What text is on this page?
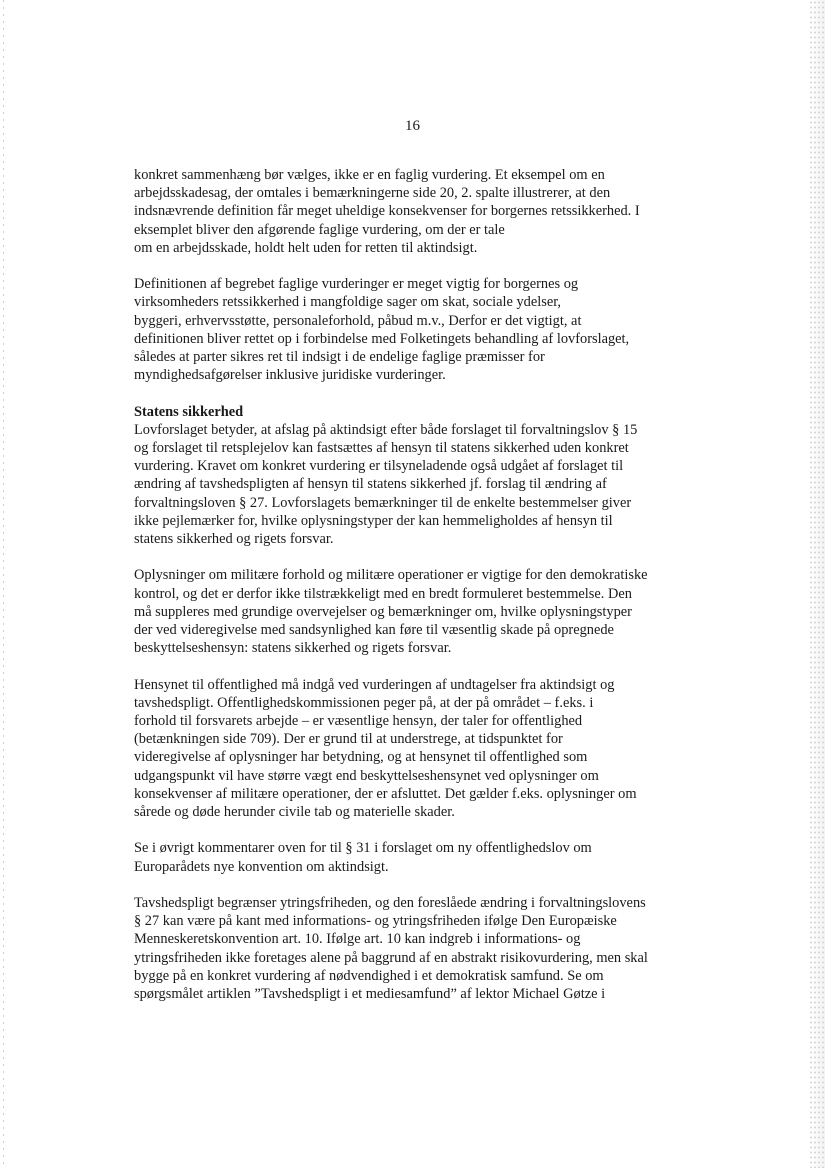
16
konkret sammenhæng bør vælges, ikke er en faglig vurdering. Et eksempel om en
arbejdsskadesag, der omtales i bemærkningerne side 20, 2. spalte illustrerer, at den
indsnævrende definition får meget uheldige konsekvenser for borgernes retssikkerhed. I
eksemplet bliver den afgørende faglige vurdering, om der er tale
om en arbejdsskade, holdt helt uden for retten til aktindsigt.
Definitionen af begrebet faglige vurderinger er meget vigtig for borgernes og
virksomheders retssikkerhed i mangfoldige sager om skat, sociale ydelser,
byggeri, erhvervsstøtte, personaleforhold, påbud m.v., Derfor er det vigtigt, at
definitionen bliver rettet op i forbindelse med Folketingets behandling af lovforslaget,
således at parter sikres ret til indsigt i de endelige faglige præmisser for
myndighedsafgørelser inklusive juridiske vurderinger.
Statens sikkerhed
Lovforslaget betyder, at afslag på aktindsigt efter både forslaget til forvaltningslov § 15
og forslaget til retsplejelov kan fastsættes af hensyn til statens sikkerhed uden konkret
vurdering. Kravet om konkret vurdering er tilsyneladende også udgået af forslaget til
ændring af tavshedspligten af hensyn til statens sikkerhed jf. forslag til ændring af
forvaltningsloven § 27. Lovforslagets bemærkninger til de enkelte bestemmelser giver
ikke pejlemærker for, hvilke oplysningstyper der kan hemmeligholdes af hensyn til
statens sikkerhed og rigets forsvar.
Oplysninger om militære forhold og militære operationer er vigtige for den demokratiske
kontrol, og det er derfor ikke tilstrækkeligt med en bredt formuleret bestemmelse. Den
må suppleres med grundige overvejelser og bemærkninger om, hvilke oplysningstyper
der ved videregivelse med sandsynlighed kan føre til væsentlig skade på opregnede
beskyttelseshensyn: statens sikkerhed og rigets forsvar.
Hensynet til offentlighed må indgå ved vurderingen af undtagelser fra aktindsigt og
tavshedspligt. Offentlighedskommissionen peger på, at der på området – f.eks. i
forhold til forsvarets arbejde – er væsentlige hensyn, der taler for offentlighed
(betænkningen side 709). Der er grund til at understrege, at tidspunktet for
videregivelse af oplysninger har betydning, og at hensynet til offentlighed som
udgangspunkt vil have større vægt end beskyttelseshensynet ved oplysninger om
konsekvenser af militære operationer, der er afsluttet. Det gælder f.eks. oplysninger om
sårede og døde herunder civile tab og materielle skader.
Se i øvrigt kommentarer oven for til § 31 i forslaget om ny offentlighedslov om
Europarådets nye konvention om aktindsigt.
Tavshedspligt begrænser ytringsfriheden, og den foreslåede ændring i forvaltningslovens
§ 27 kan være på kant med informations- og ytringsfriheden ifølge Den Europæiske
Menneskeretskonvention art. 10. Ifølge art. 10 kan indgreb i informations- og
ytringsfriheden ikke foretages alene på baggrund af en abstrakt risikovurdering, men skal
bygge på en konkret vurdering af nødvendighed i et demokratisk samfund. Se om
spørgsmålet artiklen ”Tavshedspligt i et mediesamfund” af lektor Michael Gøtze i
